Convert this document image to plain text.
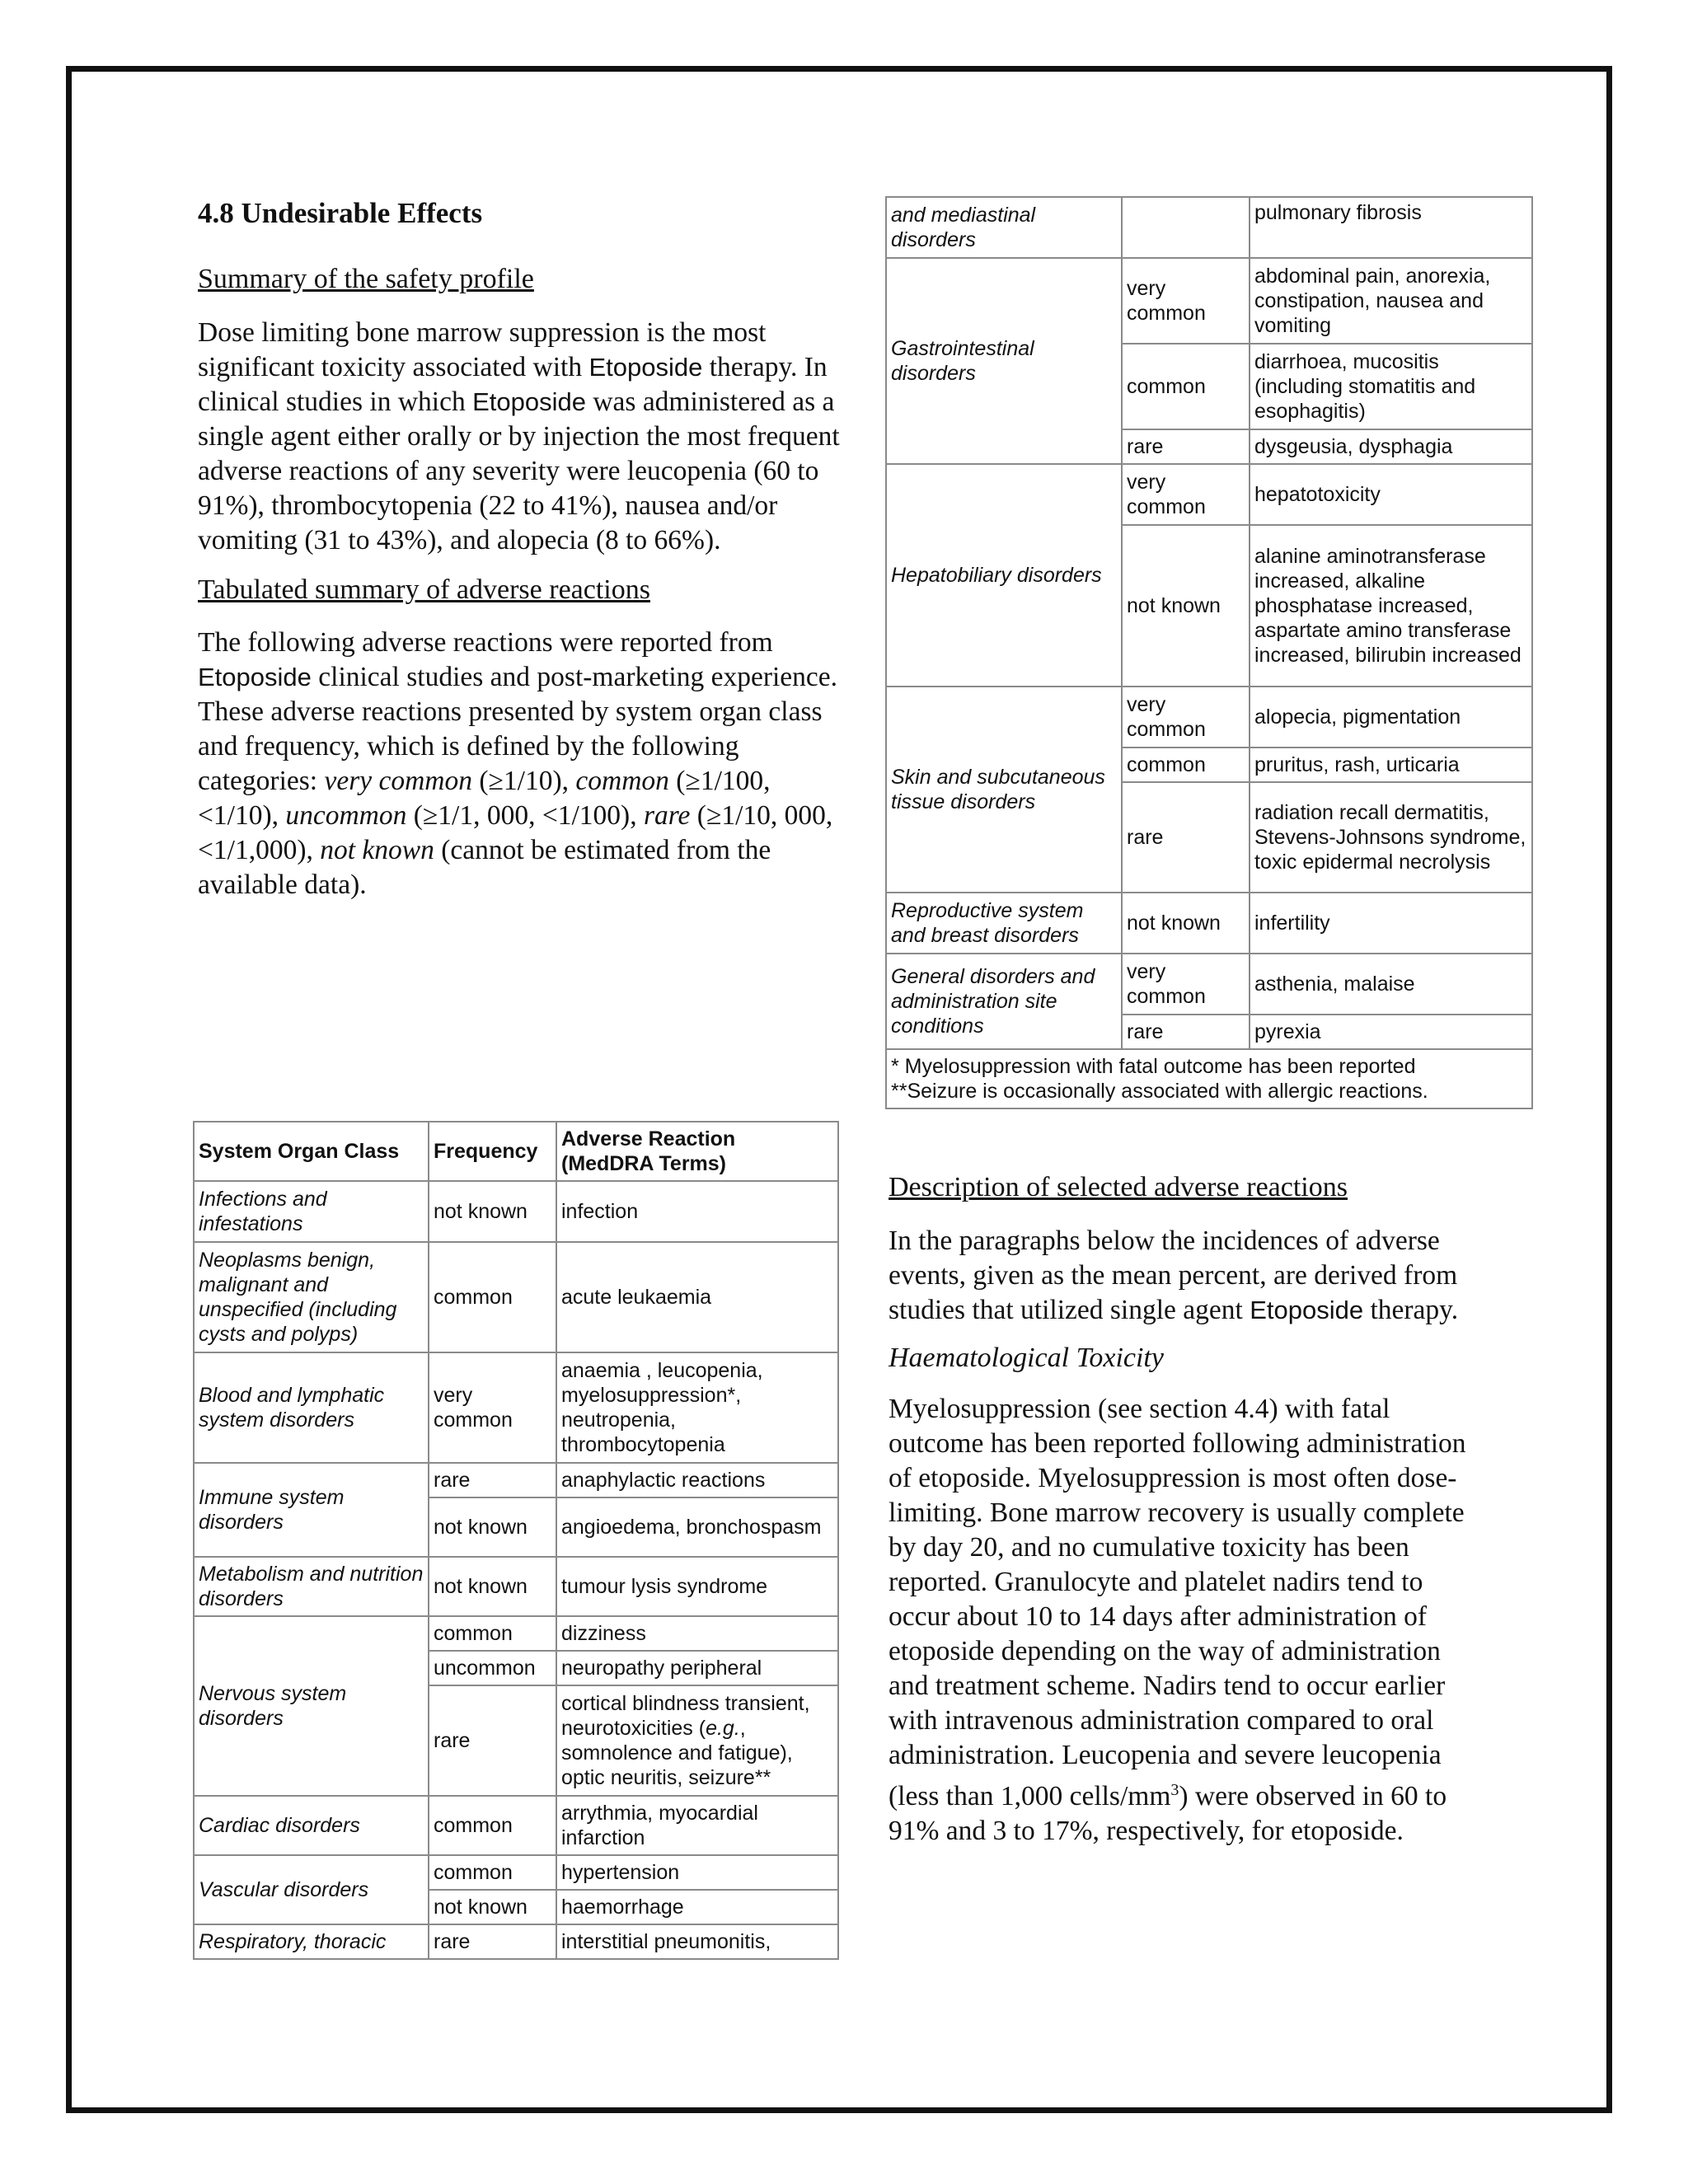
4.8 Undesirable Effects
Summary of the safety profile

Dose limiting bone marrow suppression is the most significant toxicity associated with Etoposide therapy. In clinical studies in which Etoposide was administered as a single agent either orally or by injection the most frequent adverse reactions of any severity were leucopenia (60 to 91%), thrombocytopenia (22 to 41%), nausea and/or vomiting (31 to 43%), and alopecia (8 to 66%).

Tabulated summary of adverse reactions

The following adverse reactions were reported from Etoposide clinical studies and post-marketing experience. These adverse reactions presented by system organ class and frequency, which is defined by the following categories: very common (≥1/10), common (≥1/100, <1/10), uncommon (≥1/1, 000, <1/100), rare (≥1/10, 000, <1/1,000), not known (cannot be estimated from the available data).

System Organ Class	Frequency	Adverse Reaction (MedDRA Terms)
Infections and infestations	not known	infection
Neoplasms benign, malignant and unspecified (including cysts and polyps)	common	acute leukaemia
Blood and lymphatic system disorders	very common	anaemia , leucopenia, myelosuppression*, neutropenia, thrombocytopenia
Immune system disorders	rare	anaphylactic reactions
	not known	angioedema, bronchospasm
Metabolism and nutrition disorders	not known	tumour lysis syndrome
Nervous system disorders	common	dizziness
	uncommon	neuropathy peripheral
	rare	cortical blindness transient, neurotoxicities (e.g., somnolence and fatigue), optic neuritis, seizure**
Cardiac disorders	common	arrythmia, myocardial infarction
Vascular disorders	common	hypertension
	not known	haemorrhage
Respiratory, thoracic	rare	interstitial pneumonitis,
and mediastinal disorders		pulmonary fibrosis
Gastrointestinal disorders	very common	abdominal pain, anorexia, constipation, nausea and vomiting
	common	diarrhoea, mucositis (including stomatitis and esophagitis)
	rare	dysgeusia, dysphagia
Hepatobiliary disorders	very common	hepatotoxicity
	not known	alanine aminotransferase increased, alkaline phosphatase increased, aspartate amino transferase increased, bilirubin increased
Skin and subcutaneous tissue disorders	very common	alopecia, pigmentation
	common	pruritus, rash, urticaria
	rare	radiation recall dermatitis, Stevens-Johnsons syndrome, toxic epidermal necrolysis
Reproductive system and breast disorders	not known	infertility
General disorders and administration site conditions	very common	asthenia, malaise
	rare	pyrexia

* Myelosuppression with fatal outcome has been reported
**Seizure is occasionally associated with allergic reactions.		
Description of selected adverse reactions

In the paragraphs below the incidences of adverse events, given as the mean percent, are derived from studies that utilized single agent Etoposide therapy.

Haematological Toxicity

Myelosuppression (see section 4.4) with fatal outcome has been reported following administration of etoposide. Myelosuppression is most often dose-limiting. Bone marrow recovery is usually complete by day 20, and no cumulative toxicity has been reported. Granulocyte and platelet nadirs tend to occur about 10 to 14 days after administration of etoposide depending on the way of administration and treatment scheme. Nadirs tend to occur earlier with intravenous administration compared to oral administration. Leucopenia and severe leucopenia (less than 1,000 cells/$mm^3$) were observed in 60 to 91% and 3 to 17%, respectively, for etoposide.
